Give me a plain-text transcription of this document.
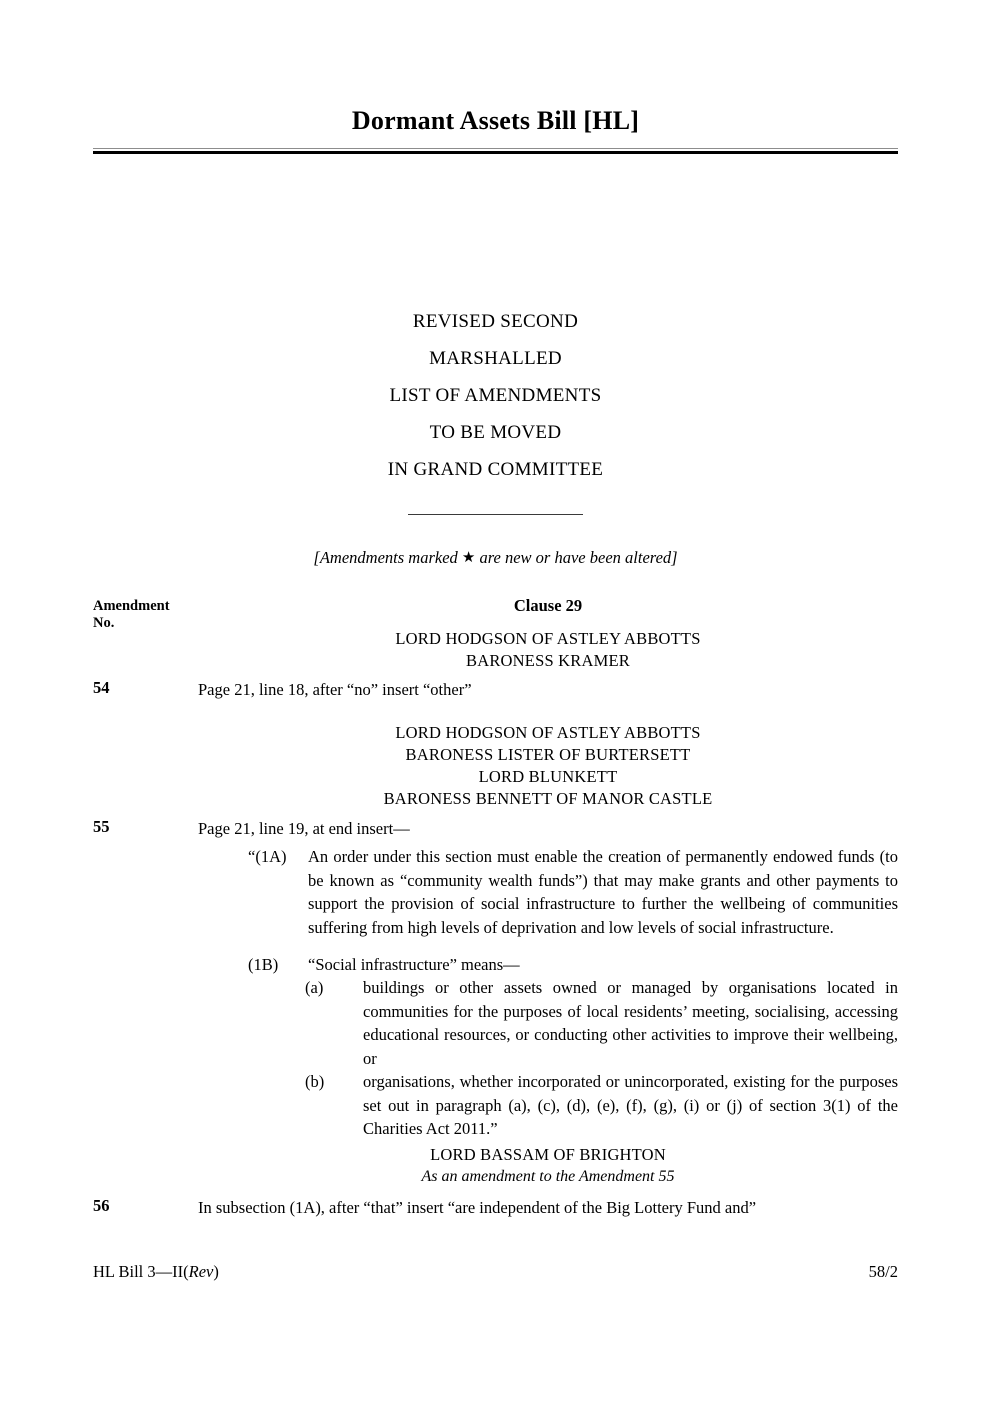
Dormant Assets Bill [HL]
REVISED SECOND
MARSHALLED
LIST OF AMENDMENTS
TO BE MOVED
IN GRAND COMMITTEE
[Amendments marked ★ are new or have been altered]
Amendment
No.
Clause 29
LORD HODGSON OF ASTLEY ABBOTTS
BARONESS KRAMER
54	Page 21, line 18, after “no” insert “other”
LORD HODGSON OF ASTLEY ABBOTTS
BARONESS LISTER OF BURTERSETT
LORD BLUNKETT
BARONESS BENNETT OF MANOR CASTLE
55	Page 21, line 19, at end insert—
“(1A) An order under this section must enable the creation of permanently endowed funds (to be known as “community wealth funds”) that may make grants and other payments to support the provision of social infrastructure to further the wellbeing of communities suffering from high levels of deprivation and low levels of social infrastructure.
(1B) “Social infrastructure” means—
(a) buildings or other assets owned or managed by organisations located in communities for the purposes of local residents’ meeting, socialising, accessing educational resources, or conducting other activities to improve their wellbeing, or
(b) organisations, whether incorporated or unincorporated, existing for the purposes set out in paragraph (a), (c), (d), (e), (f), (g), (i) or (j) of section 3(1) of the Charities Act 2011.”
LORD BASSAM OF BRIGHTON
As an amendment to the Amendment 55
56	In subsection (1A), after “that” insert “are independent of the Big Lottery Fund and”
HL Bill 3—II(Rev)	58/2
